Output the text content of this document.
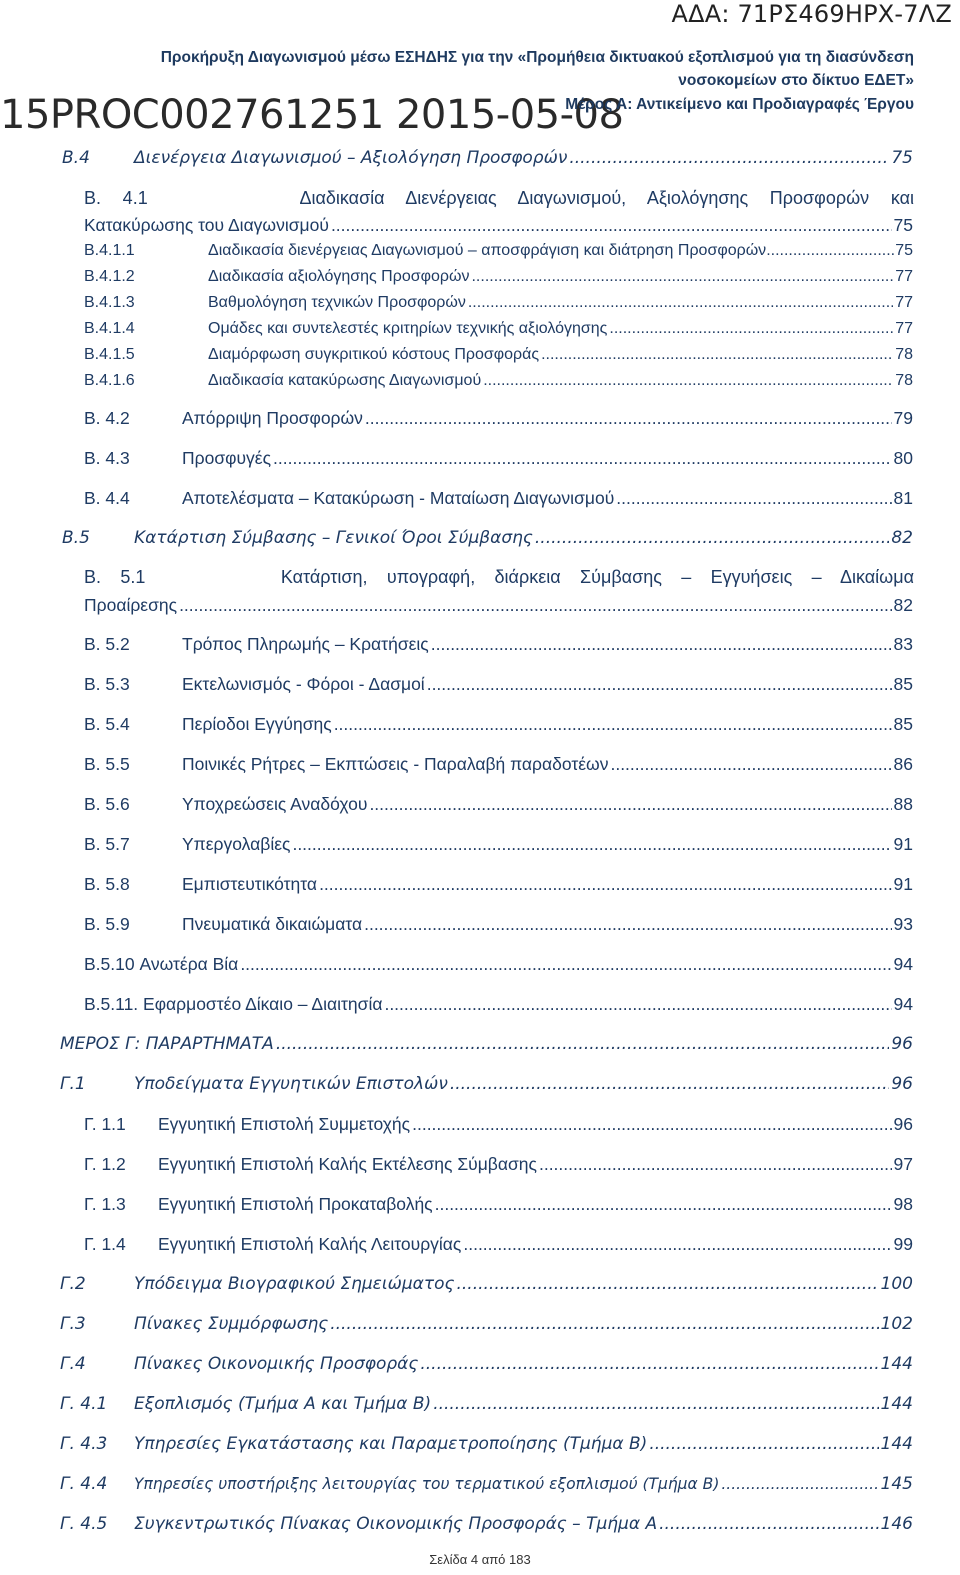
ΑΔΑ: 71ΡΣ469ΗΡΧ-7ΛΖ
Προκήρυξη Διαγωνισμού μέσω ΕΣΗΔΗΣ για την «Προμήθεια δικτυακού εξοπλισμού για τη διασύνδεση
νοσοκομείων στο δίκτυο ΕΔΕΤ»
15PROC002761251 2015-05-08
Μέρος Α: Αντικείμενο και Προδιαγραφές Έργου
B.4	Διενέργεια Διαγωνισμού – Αξιολόγηση Προσφορών .....	75
B. 4.1	Διαδικασία Διενέργειας Διαγωνισμού, Αξιολόγησης Προσφορών και
Κατακύρωσης του Διαγωνισμού .....	75
B.4.1.1	Διαδικασία διενέργειας Διαγωνισμού – αποσφράγιση και διάτρηση Προσφορών .....	75
B.4.1.2	Διαδικασία αξιολόγησης Προσφορών .....	77
B.4.1.3	Βαθμολόγηση τεχνικών Προσφορών .....	77
B.4.1.4	Ομάδες και συντελεστές κριτηρίων τεχνικής αξιολόγησης .....	77
B.4.1.5	Διαμόρφωση συγκριτικού κόστους Προσφοράς .....	78
B.4.1.6	Διαδικασία κατακύρωσης Διαγωνισμού .....	78
B. 4.2	Απόρριψη Προσφορών .....	79
B. 4.3	Προσφυγές .....	80
B. 4.4	Αποτελέσματα – Κατακύρωση - Ματαίωση Διαγωνισμού .....	81
B.5	Κατάρτιση Σύμβασης – Γενικοί Όροι Σύμβασης .....	82
B. 5.1	Κατάρτιση, υπογραφή, διάρκεια Σύμβασης – Εγγυήσεις – Δικαίωμα
Προαίρεσης .....	82
B. 5.2	Τρόπος Πληρωμής – Κρατήσεις .....	83
B. 5.3	Εκτελωνισμός - Φόροι - Δασμοί .....	85
B. 5.4	Περίοδοι Εγγύησης .....	85
B. 5.5	Ποινικές Ρήτρες – Εκπτώσεις - Παραλαβή παραδοτέων .....	86
B. 5.6	Υποχρεώσεις Αναδόχου .....	88
B. 5.7	Υπεργολαβίες .....	91
B. 5.8	Εμπιστευτικότητα .....	91
B. 5.9	Πνευματικά δικαιώματα .....	93
B.5.10 Ανωτέρα Βία .....	94
B.5.11. Εφαρμοστέο Δίκαιο – Διαιτησία .....	94
ΜΕΡΟΣ Γ: ΠΑΡΑΡΤΗΜΑΤΑ .....	96
Γ.1	Υποδείγματα Εγγυητικών Επιστολών .....	96
Γ. 1.1	Εγγυητική Επιστολή Συμμετοχής .....	96
Γ. 1.2	Εγγυητική Επιστολή Καλής Εκτέλεσης Σύμβασης .....	97
Γ. 1.3	Εγγυητική Επιστολή Προκαταβολής .....	98
Γ. 1.4	Εγγυητική Επιστολή Καλής Λειτουργίας .....	99
Γ.2	Υπόδειγμα Βιογραφικού Σημειώματος .....	100
Γ.3	Πίνακες Συμμόρφωσης .....	102
Γ.4	Πίνακες Οικονομικής Προσφοράς .....	144
Γ. 4.1	Εξοπλισμός (Τμήμα Α και Τμήμα Β) .....	144
Γ. 4.3	Υπηρεσίες Εγκατάστασης και Παραμετροποίησης (Τμήμα Β) .....	144
Γ. 4.4	Υπηρεσίες υποστήριξης λειτουργίας του τερματικού εξοπλισμού (Τμήμα Β) .....	145
Γ. 4.5	Συγκεντρωτικός Πίνακας Οικονομικής Προσφοράς – Τμήμα Α .....	146
Σελίδα 4 από 183
